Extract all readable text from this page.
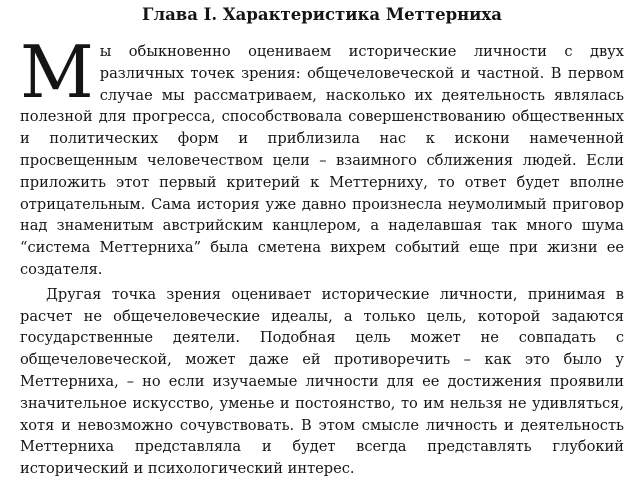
Глава I. Характеристика Меттерниха

Мы обыкновенно оцениваем исторические личности с двух различных точек зрения: общечеловеческой и частной. В первом случае мы рассматриваем, насколько их деятельность являлась полезной для прогресса, способствовала совершенствованию общественных и политических форм и приблизила нас к искони намеченной просвещенным человечеством цели – взаимного сближения людей. Если приложить этот первый критерий к Меттерниху, то ответ будет вполне отрицательным. Сама история уже давно произнесла неумолимый приговор над знаменитым австрийским канцлером, а наделавшая так много шума “система Меттерниха” была сметена вихрем событий еще при жизни ее создателя.

Другая точка зрения оценивает исторические личности, принимая в расчет не общечеловеческие идеалы, а только цель, которой задаются государственные деятели. Подобная цель может не совпадать с общечеловеческой, может даже ей противоречить – как это было у Меттерниха, – но если изучаемые личности для ее достижения проявили значительное искусство, уменье и постоянство, то им нельзя не удивляться, хотя и невозможно сочувствовать. В этом смысле личность и деятельность Меттерниха представляла и будет всегда представлять глубокий исторический и психологический интерес.
